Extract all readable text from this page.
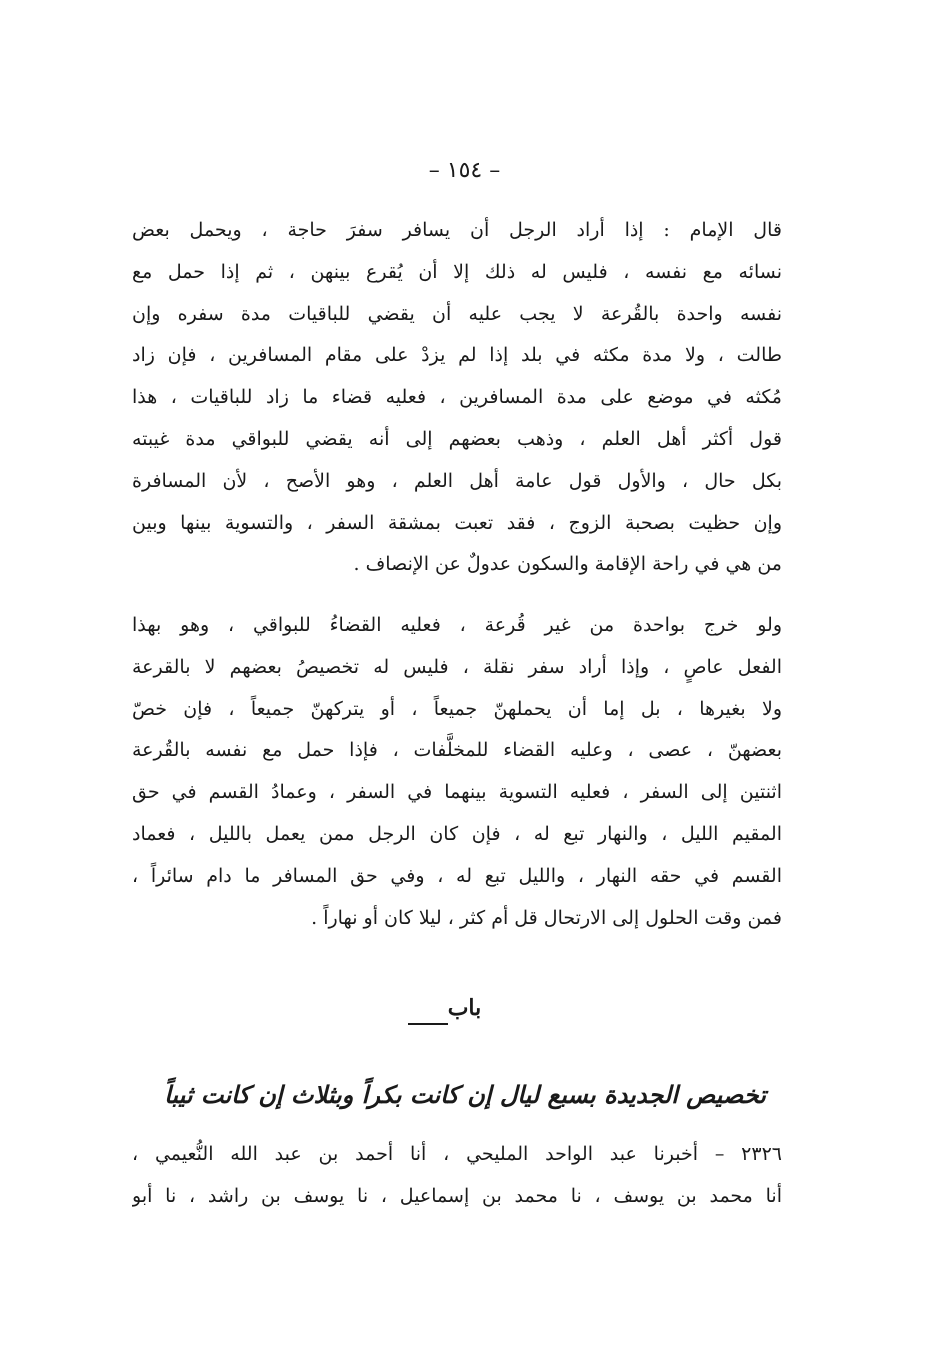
– ١٥٤ –
قال الإمام : إذا أراد الرجل أن يسافر سفرَ حاجة ، ويحمل بعض
نسائه مع نفسه ، فليس له ذلك إلا أن يُقرع بينهن ، ثم إذا حمل مع
نفسه واحدة بالقُرعة لا يجب عليه أن يقضي للباقيات مدة سفره وإن
طالت ، ولا مدة مكثه في بلد إذا لم يزدْ على مقام المسافرين ، فإن زاد
مُكثه في موضع على مدة المسافرين ، فعليه قضاء ما زاد للباقيات ، هذا
قول أكثر أهل العلم ، وذهب بعضهم إلى أنه يقضي للبواقي مدة غيبته
بكل حال ، والأول قول عامة أهل العلم ، وهو الأصح ، لأن المسافرة
وإن حظيت بصحبة الزوج ، فقد تعبت بمشقة السفر ، والتسوية بينها وبين
من هي في راحة الإقامة والسكون عدولٌ عن الإنصاف .
ولو خرج بواحدة من غير قُرعة ، فعليه القضاءُ للبواقي ، وهو بهذا
الفعل عاصٍ ، وإذا أراد سفر نقلة ، فليس له تخصيصُ بعضهم لا بالقرعة
ولا بغيرها ، بل إما أن يحملهنّ جميعاً ، أو يتركهنّ جميعاً ، فإن خصّ
بعضهنّ ، عصى ، وعليه القضاء للمخلَّفات ، فإذا حمل مع نفسه بالقُرعة
اثنتين إلى السفر ، فعليه التسوية بينهما في السفر ، وعمادُ القسم في حق
المقيم الليل ، والنهار تبع له ، فإن كان الرجل ممن يعمل بالليل ، فعماد
القسم في حقه النهار ، والليل تبع له ، وفي حق المسافر ما دام سائراً ،
فمن وقت الحلول إلى الارتحال قل أم كثر ، ليلا كان أو نهاراً .
باب
تخصيص الجديدة بسبع ليال إن كانت بكراً وبثلاث إن كانت ثيباً
٢٣٢٦ – أخبرنا عبد الواحد المليحي ، أنا أحمد بن عبد الله النُّعيمي ،
أنا محمد بن يوسف ، نا محمد بن إسماعيل ، نا يوسف بن راشد ، نا أبو
